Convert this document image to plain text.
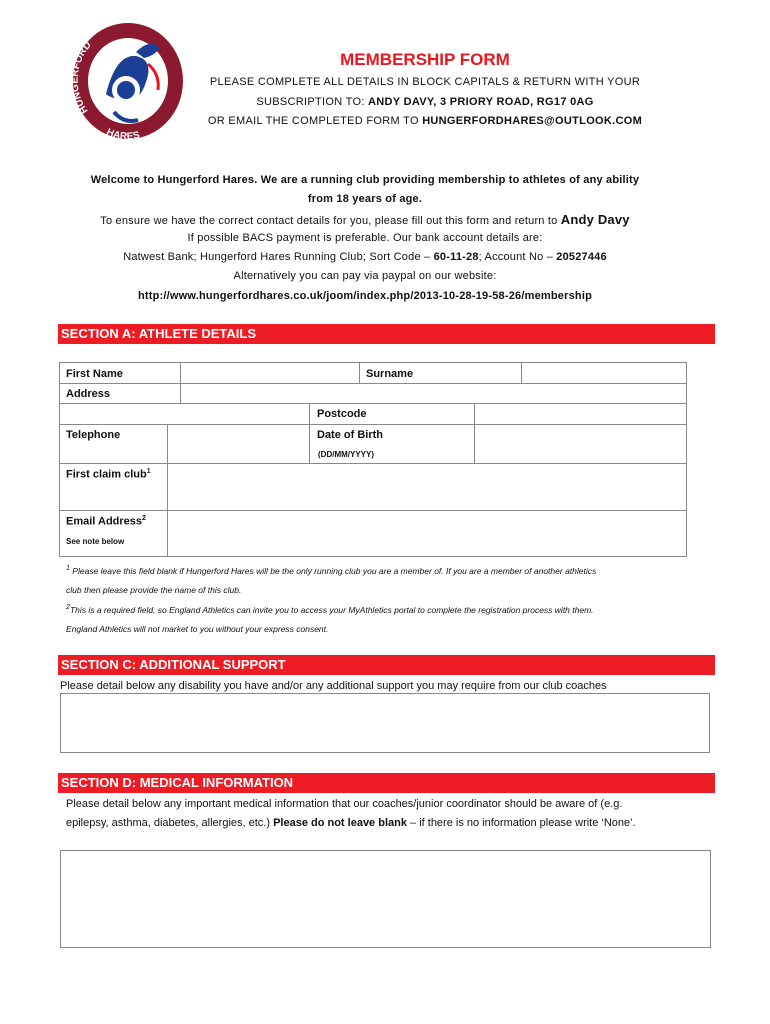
HUNGERFORD
HARES
MEMBERSHIP FORM
PLEASE COMPLETE ALL DETAILS IN BLOCK CAPITALS & RETURN WITH YOUR
SUBSCRIPTION TO: ANDY DAVY, 3 PRIORY ROAD, RG17 0AG
OR EMAIL THE COMPLETED FORM TO HUNGERFORDHARES@OUTLOOK.COM
Welcome to Hungerford Hares. We are a running club providing membership to athletes of any ability
from 18 years of age.
To ensure we have the correct contact details for you, please fill out this form and return to Andy Davy
If possible BACS payment is preferable. Our bank account details are:
Natwest Bank; Hungerford Hares Running Club; Sort Code – 60-11-28; Account No – 20527446
Alternatively you can pay via paypal on our website:
http://www.hungerfordhares.co.uk/joom/index.php/2013-10-28-19-58-26/membership
SECTION A: ATHLETE DETAILS
First Name	Surname
Address
Postcode
Telephone	Date of Birth
(DD/MM/YYYY)
First claim club$^1$
Email Address$^2$
See note below
$^1$ Please leave this field blank if Hungerford Hares will be the only running club you are a member of. If you are a member of another athletics
club then please provide the name of this club.
$^2$This is a required field, so England Athletics can invite you to access your MyAthletics portal to complete the registration process with them.
England Athletics will not market to you without your express consent.
SECTION C: ADDITIONAL SUPPORT
Please detail below any disability you have and/or any additional support you may require from our club coaches
SECTION D: MEDICAL INFORMATION
Please detail below any important medical information that our coaches/junior coordinator should be aware of (e.g.
epilepsy, asthma, diabetes, allergies, etc.) Please do not leave blank – if there is no information please write ‘None’.
